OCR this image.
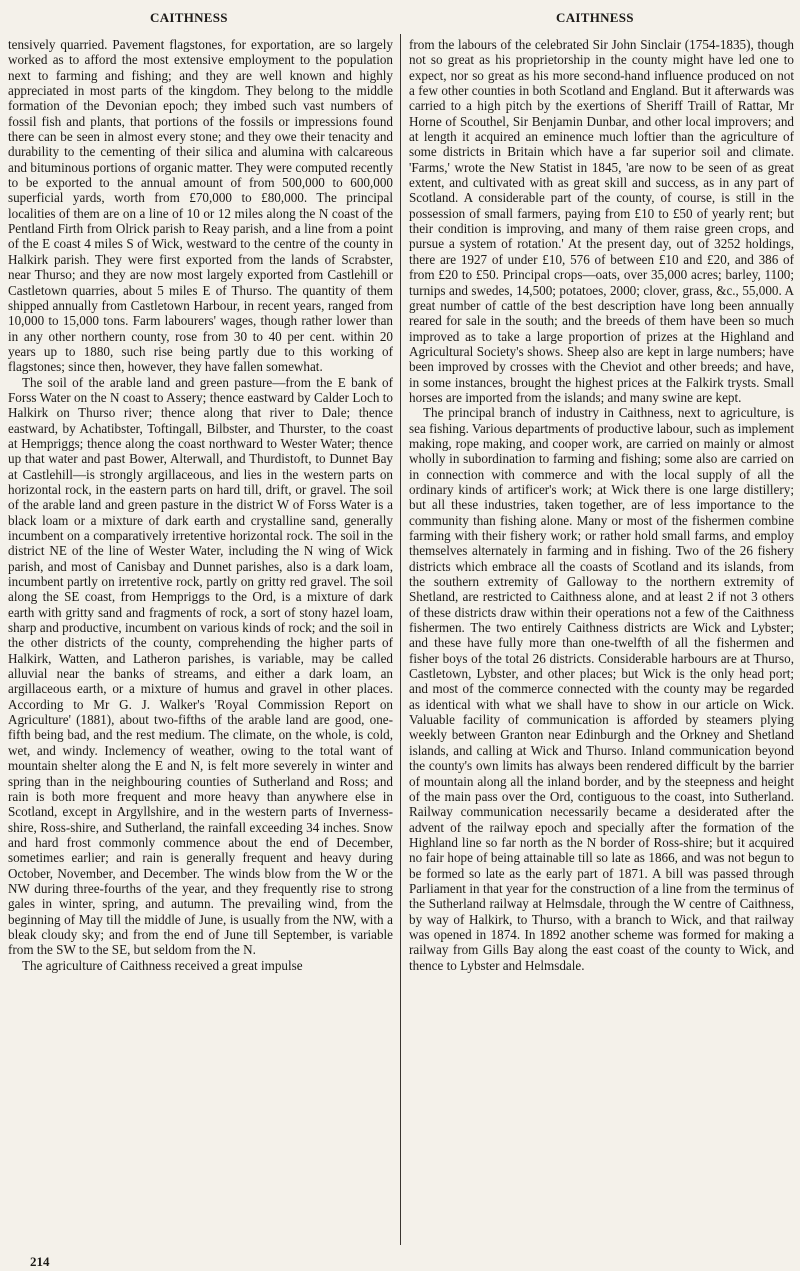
CAITHNESS	CAITHNESS

tensively quarried. Pavement flagstones, for exportation, are so largely worked as to afford the most extensive employment to the population next to farming and fishing; and they are well known and highly appreciated in most parts of the kingdom. They belong to the middle formation of the Devonian epoch; they imbed such vast numbers of fossil fish and plants, that portions of the fossils or impressions found there can be seen in almost every stone; and they owe their tenacity and durability to the cementing of their silica and alumina with calcareous and bituminous portions of organic matter. They were computed recently to be exported to the annual amount of from 500,000 to 600,000 superficial yards, worth from £70,000 to £80,000. The principal localities of them are on a line of 10 or 12 miles along the N coast of the Pentland Firth from Olrick parish to Reay parish, and a line from a point of the E coast 4 miles S of Wick, westward to the centre of the county in Halkirk parish. They were first exported from the lands of Scrabster, near Thurso; and they are now most largely exported from Castlehill or Castletown quarries, about 5 miles E of Thurso. The quantity of them shipped annually from Castletown Harbour, in recent years, ranged from 10,000 to 15,000 tons. Farm labourers' wages, though rather lower than in any other northern county, rose from 30 to 40 per cent. within 20 years up to 1880, such rise being partly due to this working of flagstones; since then, however, they have fallen somewhat.

The soil of the arable land and green pasture—from the E bank of Forss Water on the N coast to Assery; thence eastward by Calder Loch to Halkirk on Thurso river; thence along that river to Dale; thence eastward, by Achatibster, Toftingall, Bilbster, and Thurster, to the coast at Hempriggs; thence along the coast northward to Wester Water; thence up that water and past Bower, Alterwall, and Thurdistoft, to Dunnet Bay at Castlehill—is strongly argillaceous, and lies in the western parts on horizontal rock, in the eastern parts on hard till, drift, or gravel. The soil of the arable land and green pasture in the district W of Forss Water is a black loam or a mixture of dark earth and crystalline sand, generally incumbent on a comparatively irretentive horizontal rock. The soil in the district NE of the line of Wester Water, including the N wing of Wick parish, and most of Canisbay and Dunnet parishes, also is a dark loam, incumbent partly on irretentive rock, partly on gritty red gravel. The soil along the SE coast, from Hempriggs to the Ord, is a mixture of dark earth with gritty sand and fragments of rock, a sort of stony hazel loam, sharp and productive, incumbent on various kinds of rock; and the soil in the other districts of the county, comprehending the higher parts of Halkirk, Watten, and Latheron parishes, is variable, may be called alluvial near the banks of streams, and either a dark loam, an argillaceous earth, or a mixture of humus and gravel in other places. According to Mr G. J. Walker's 'Royal Commission Report on Agriculture' (1881), about two-fifths of the arable land are good, one-fifth being bad, and the rest medium. The climate, on the whole, is cold, wet, and windy. Inclemency of weather, owing to the total want of mountain shelter along the E and N, is felt more severely in winter and spring than in the neighbouring counties of Sutherland and Ross; and rain is both more frequent and more heavy than anywhere else in Scotland, except in Argyllshire, and in the western parts of Inverness-shire, Ross-shire, and Sutherland, the rainfall exceeding 34 inches. Snow and hard frost commonly commence about the end of December, sometimes earlier; and rain is generally frequent and heavy during October, November, and December. The winds blow from the W or the NW during three-fourths of the year, and they frequently rise to strong gales in winter, spring, and autumn. The prevailing wind, from the beginning of May till the middle of June, is usually from the NW, with a bleak cloudy sky; and from the end of June till September, is variable from the SW to the SE, but seldom from the N.

The agriculture of Caithness received a great impulse

from the labours of the celebrated Sir John Sinclair (1754-1835), though not so great as his proprietorship in the county might have led one to expect, nor so great as his more second-hand influence produced on not a few other counties in both Scotland and England. But it afterwards was carried to a high pitch by the exertions of Sheriff Traill of Rattar, Mr Horne of Scouthel, Sir Benjamin Dunbar, and other local improvers; and at length it acquired an eminence much loftier than the agriculture of some districts in Britain which have a far superior soil and climate. 'Farms,' wrote the New Statist in 1845, 'are now to be seen of as great extent, and cultivated with as great skill and success, as in any part of Scotland. A considerable part of the county, of course, is still in the possession of small farmers, paying from £10 to £50 of yearly rent; but their condition is improving, and many of them raise green crops, and pursue a system of rotation.' At the present day, out of 3252 holdings, there are 1927 of under £10, 576 of between £10 and £20, and 386 of from £20 to £50. Principal crops—oats, over 35,000 acres; barley, 1100; turnips and swedes, 14,500; potatoes, 2000; clover, grass, &c., 55,000. A great number of cattle of the best description have long been annually reared for sale in the south; and the breeds of them have been so much improved as to take a large proportion of prizes at the Highland and Agricultural Society's shows. Sheep also are kept in large numbers; have been improved by crosses with the Cheviot and other breeds; and have, in some instances, brought the highest prices at the Falkirk trysts. Small horses are imported from the islands; and many swine are kept.

The principal branch of industry in Caithness, next to agriculture, is sea fishing. Various departments of productive labour, such as implement making, rope making, and cooper work, are carried on mainly or almost wholly in subordination to farming and fishing; some also are carried on in connection with commerce and with the local supply of all the ordinary kinds of artificer's work; at Wick there is one large distillery; but all these industries, taken together, are of less importance to the community than fishing alone. Many or most of the fishermen combine farming with their fishery work; or rather hold small farms, and employ themselves alternately in farming and in fishing. Two of the 26 fishery districts which embrace all the coasts of Scotland and its islands, from the southern extremity of Galloway to the northern extremity of Shetland, are restricted to Caithness alone, and at least 2 if not 3 others of these districts draw within their operations not a few of the Caithness fishermen. The two entirely Caithness districts are Wick and Lybster; and these have fully more than one-twelfth of all the fishermen and fisher boys of the total 26 districts. Considerable harbours are at Thurso, Castletown, Lybster, and other places; but Wick is the only head port; and most of the commerce connected with the county may be regarded as identical with what we shall have to show in our article on Wick. Valuable facility of communication is afforded by steamers plying weekly between Granton near Edinburgh and the Orkney and Shetland islands, and calling at Wick and Thurso. Inland communication beyond the county's own limits has always been rendered difficult by the barrier of mountain along all the inland border, and by the steepness and height of the main pass over the Ord, contiguous to the coast, into Sutherland. Railway communication necessarily became a desiderated after the advent of the railway epoch and specially after the formation of the Highland line so far north as the N border of Ross-shire; but it acquired no fair hope of being attainable till so late as 1866, and was not begun to be formed so late as the early part of 1871. A bill was passed through Parliament in that year for the construction of a line from the terminus of the Sutherland railway at Helmsdale, through the W centre of Caithness, by way of Halkirk, to Thurso, with a branch to Wick, and that railway was opened in 1874. In 1892 another scheme was formed for making a railway from Gills Bay along the east coast of the county to Wick, and thence to Lybster and Helmsdale.

214
